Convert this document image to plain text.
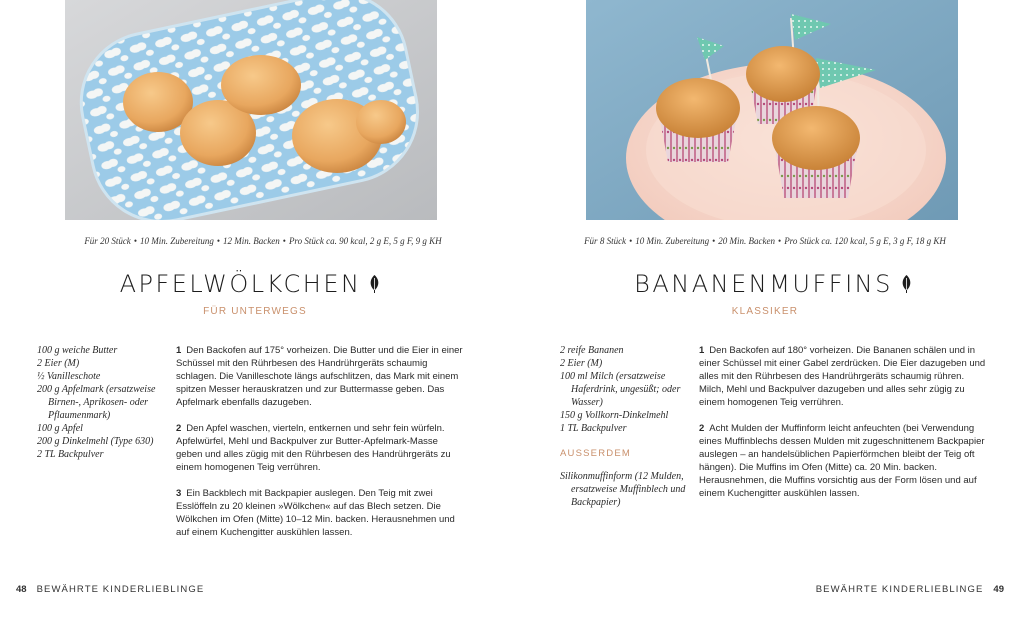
Für 20 Stück • 10 Min. Zubereitung • 12 Min. Backen • Pro Stück ca. 90 kcal, 2 g E, 5 g F, 9 g KH
APFELWÖLKCHEN
FÜR UNTERWEGS

100 g weiche Butter

2 Eier (M)

½ Vanilleschote

200 g Apfelmark (ersatzweise Birnen-, Aprikosen- oder Pflaumenmark)

100 g Apfel

200 g Dinkelmehl (Type 630)

2 TL Backpulver

1 Den Backofen auf 175° vorheizen. Die Butter und die Eier in einer Schüssel mit den Rührbesen des Handrührgeräts schaumig schlagen. Die Vanilleschote längs aufschlitzen, das Mark mit einem spitzen Messer herauskratzen und zur Buttermasse geben. Das Apfelmark ebenfalls dazugeben.

2 Den Apfel waschen, vierteln, entkernen und sehr fein würfeln. Apfelwürfel, Mehl und Backpulver zur Butter-Apfelmark-Masse geben und alles zügig mit den Rührbesen des Handrührgeräts zu einem homogenen Teig verrühren.

3 Ein Backblech mit Backpapier auslegen. Den Teig mit zwei Esslöffeln zu 20 kleinen »Wölkchen« auf das Blech setzen. Die Wölkchen im Ofen (Mitte) 10–12 Min. backen. Herausnehmen und auf einem Kuchengitter auskühlen lassen.

48 BEWÄHRTE KINDERLIEBLINGE
Für 8 Stück • 10 Min. Zubereitung • 20 Min. Backen • Pro Stück ca. 120 kcal, 5 g E, 3 g F, 18 g KH
BANANENMUFFINS
KLASSIKER

2 reife Bananen

2 Eier (M)

100 ml Milch (ersatzweise Haferdrink, ungesüßt; oder Wasser)

150 g Vollkorn-Dinkelmehl

1 TL Backpulver

AUSSERDEM

Silikonmuffinform (12 Mulden, ersatzweise Muffinblech und Backpapier)

1 Den Backofen auf 180° vorheizen. Die Bananen schälen und in einer Schüssel mit einer Gabel zerdrücken. Die Eier dazugeben und alles mit den Rührbesen des Handrührgeräts schaumig rühren. Milch, Mehl und Backpulver dazugeben und alles sehr zügig zu einem homogenen Teig verrühren.

2 Acht Mulden der Muffinform leicht anfeuchten (bei Verwendung eines Muffinblechs dessen Mulden mit zugeschnittenem Backpapier auslegen – an handelsüblichen Papierförmchen bleibt der Teig oft hängen). Die Muffins im Ofen (Mitte) ca. 20 Min. backen. Herausnehmen, die Muffins vorsichtig aus der Form lösen und auf einem Kuchengitter auskühlen lassen.

BEWÄHRTE KINDERLIEBLINGE 49
